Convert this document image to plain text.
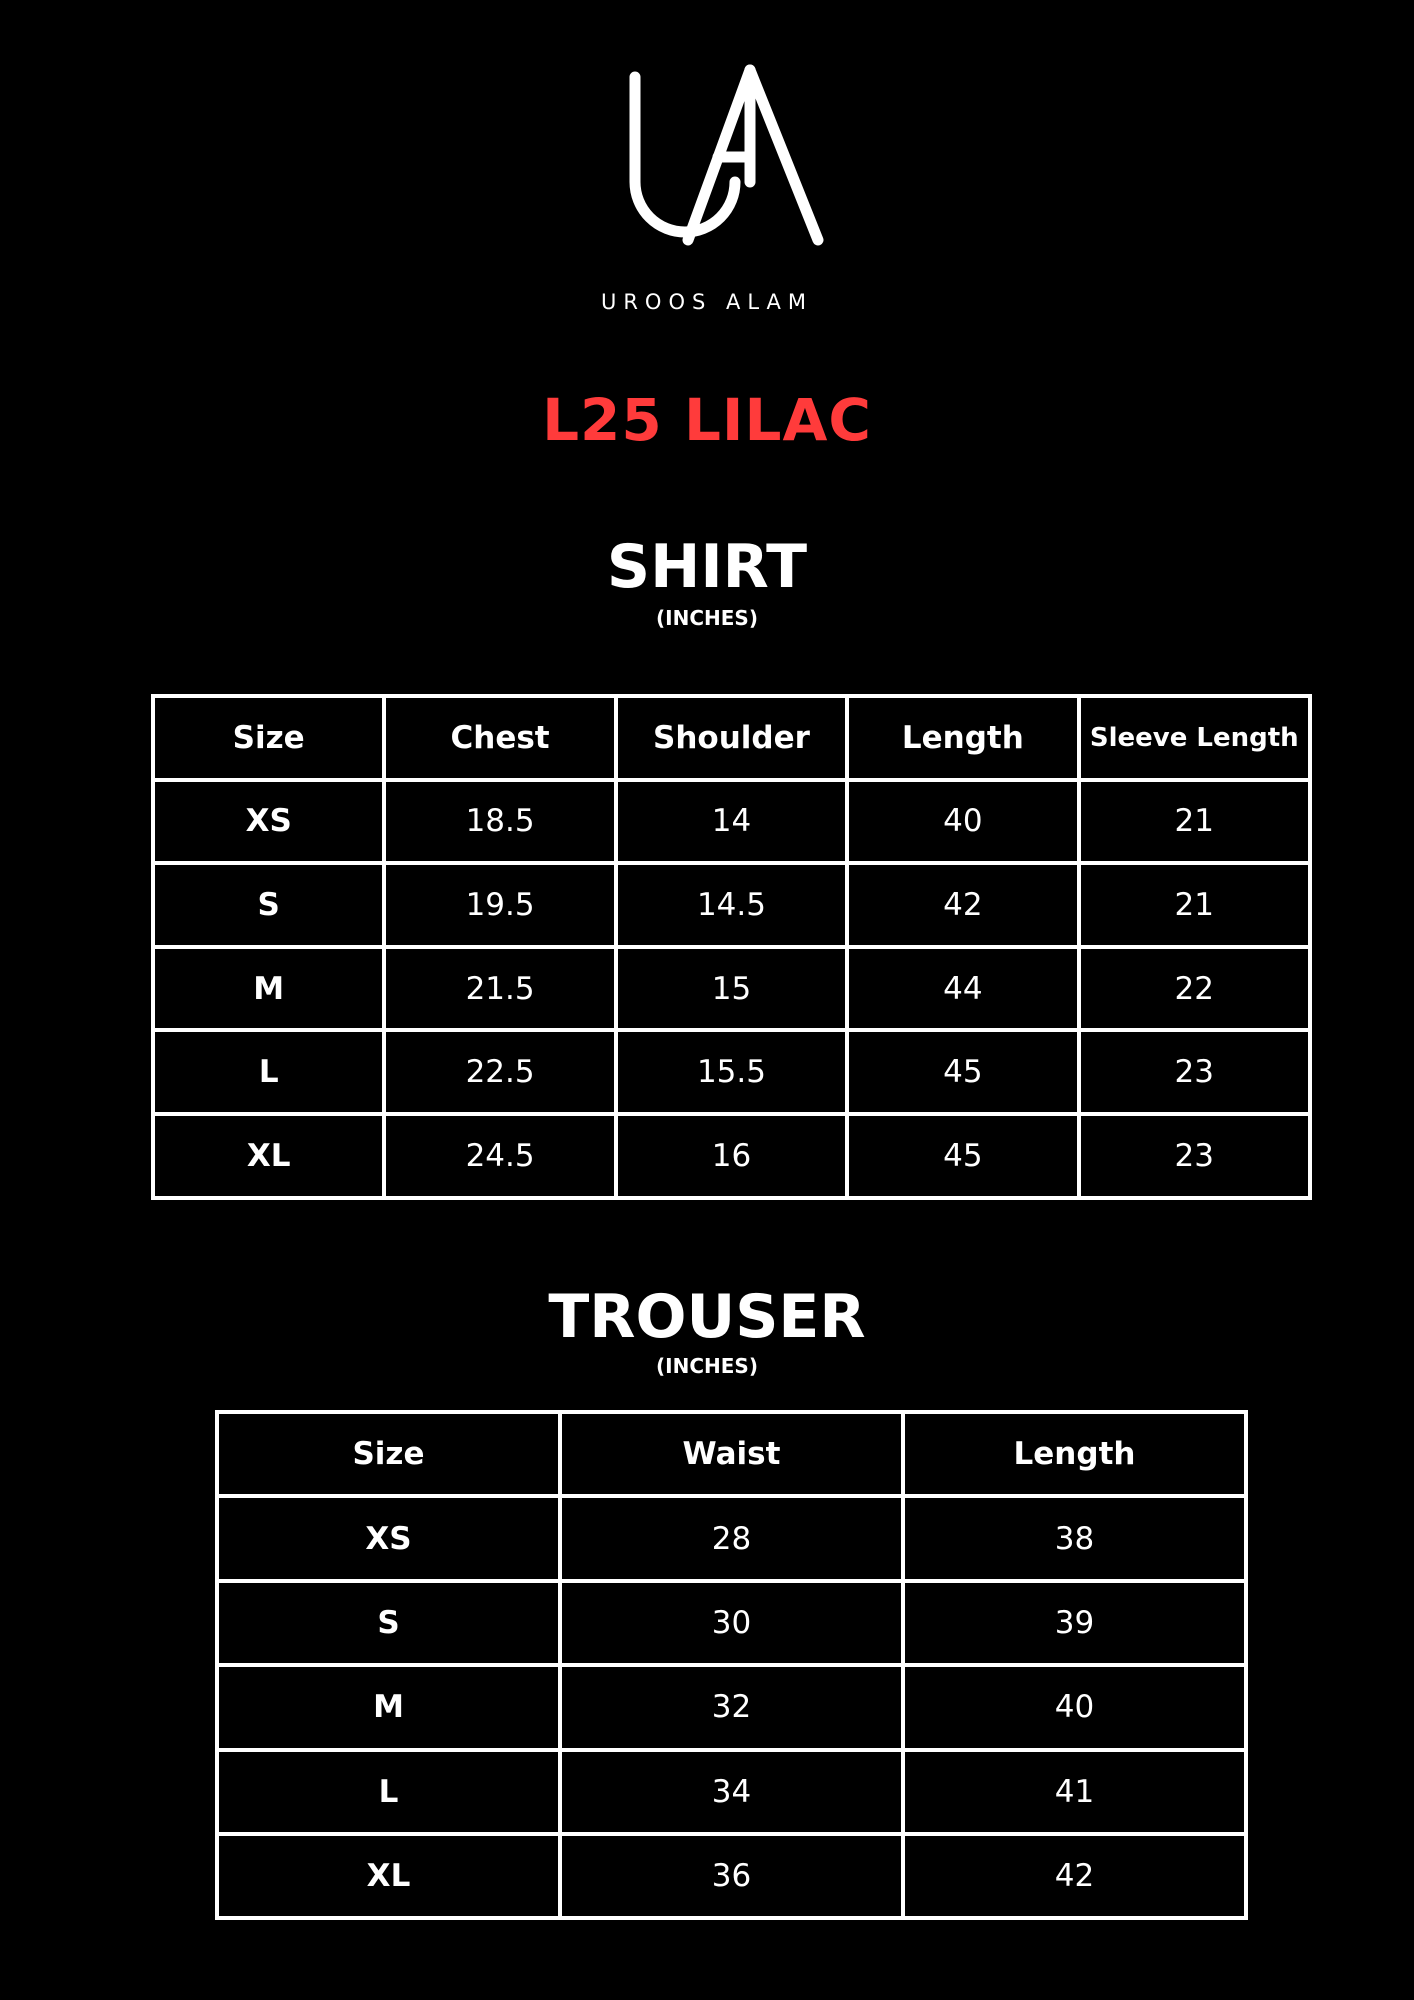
UROOS ALAM
L25 LILAC
SHIRT
(INCHES)
Size	Chest	Shoulder	Length	Sleeve Length
XS	18.5	14	40	21
S	19.5	14.5	42	21
M	21.5	15	44	22
L	22.5	15.5	45	23
XL	24.5	16	45	23
TROUSER
(INCHES)
Size	Waist	Length
XS	28	38
S	30	39
M	32	40
L	34	41
XL	36	42
